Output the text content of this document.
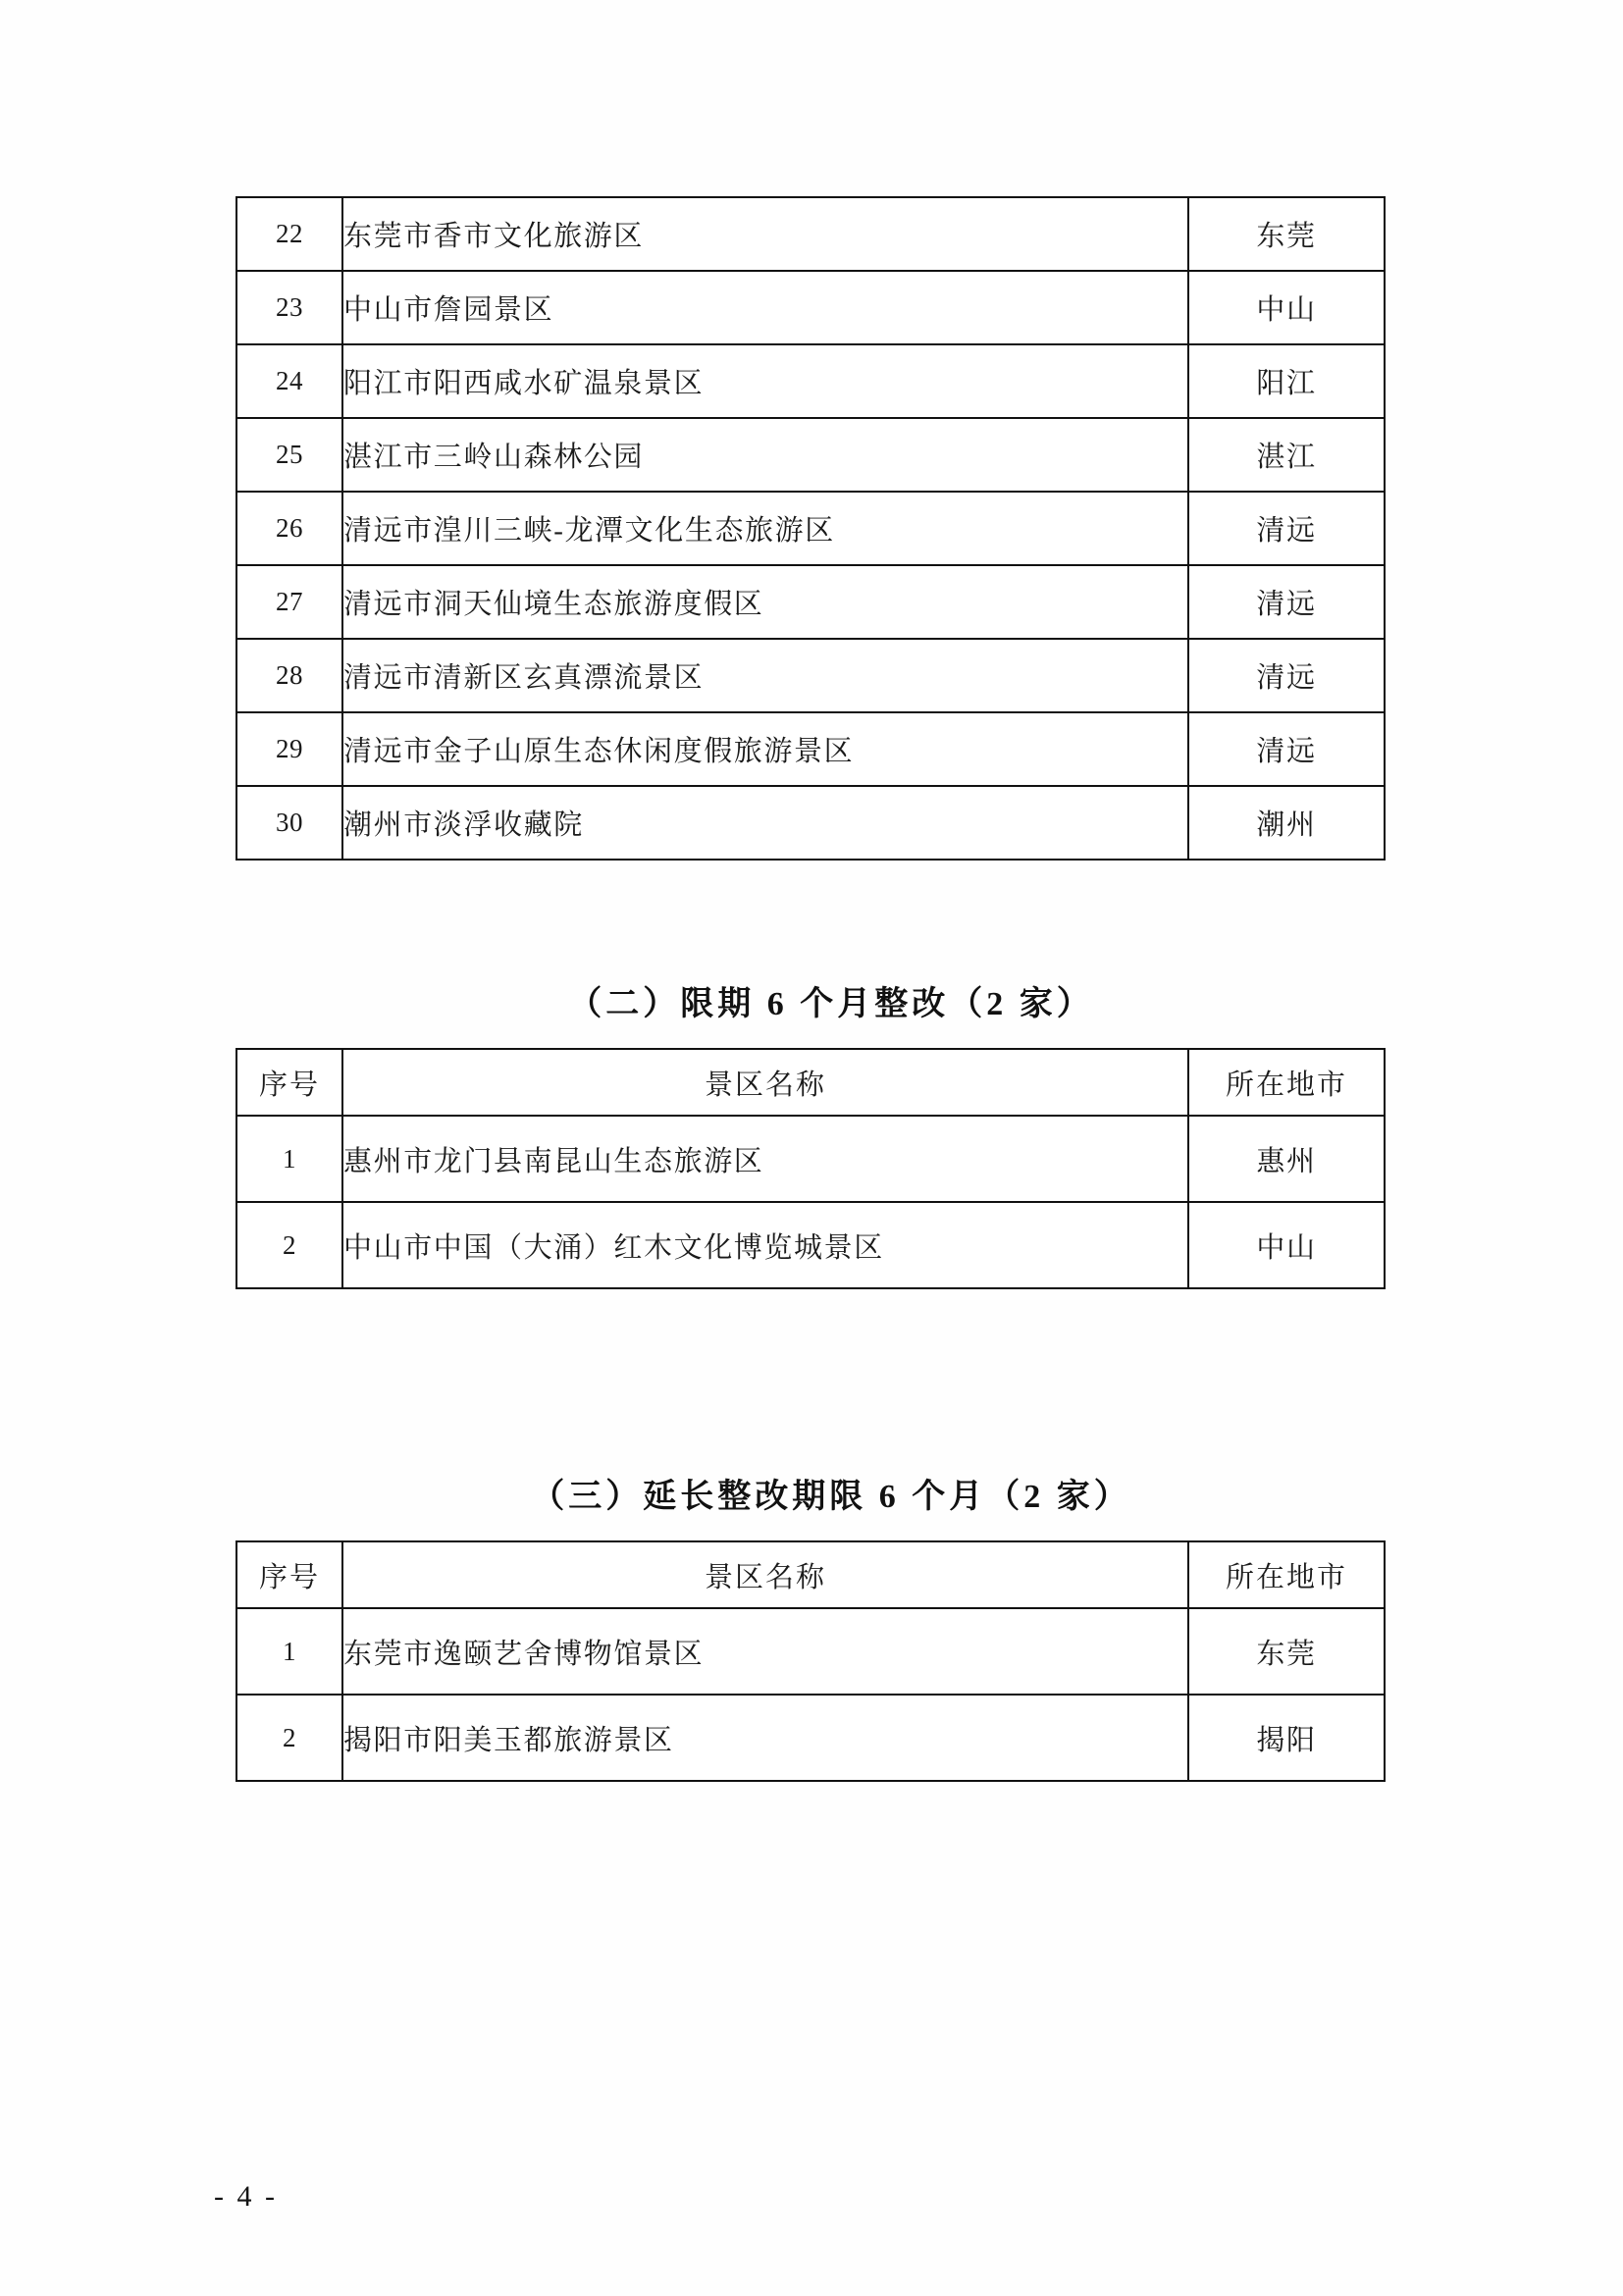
22	东莞市香市文化旅游区	东莞
23	中山市詹园景区	中山
24	阳江市阳西咸水矿温泉景区	阳江
25	湛江市三岭山森林公园	湛江
26	清远市湟川三峡-龙潭文化生态旅游区	清远
27	清远市洞天仙境生态旅游度假区	清远
28	清远市清新区玄真漂流景区	清远
29	清远市金子山原生态休闲度假旅游景区	清远
30	潮州市淡浮收藏院	潮州
（二）限期 6 个月整改（2 家）
序号	景区名称	所在地市
1	惠州市龙门县南昆山生态旅游区	惠州
2	中山市中国（大涌）红木文化博览城景区	中山
（三）延长整改期限 6 个月（2 家）
序号	景区名称	所在地市
1	东莞市逸颐艺舍博物馆景区	东莞
2	揭阳市阳美玉都旅游景区	揭阳
- 4 -
